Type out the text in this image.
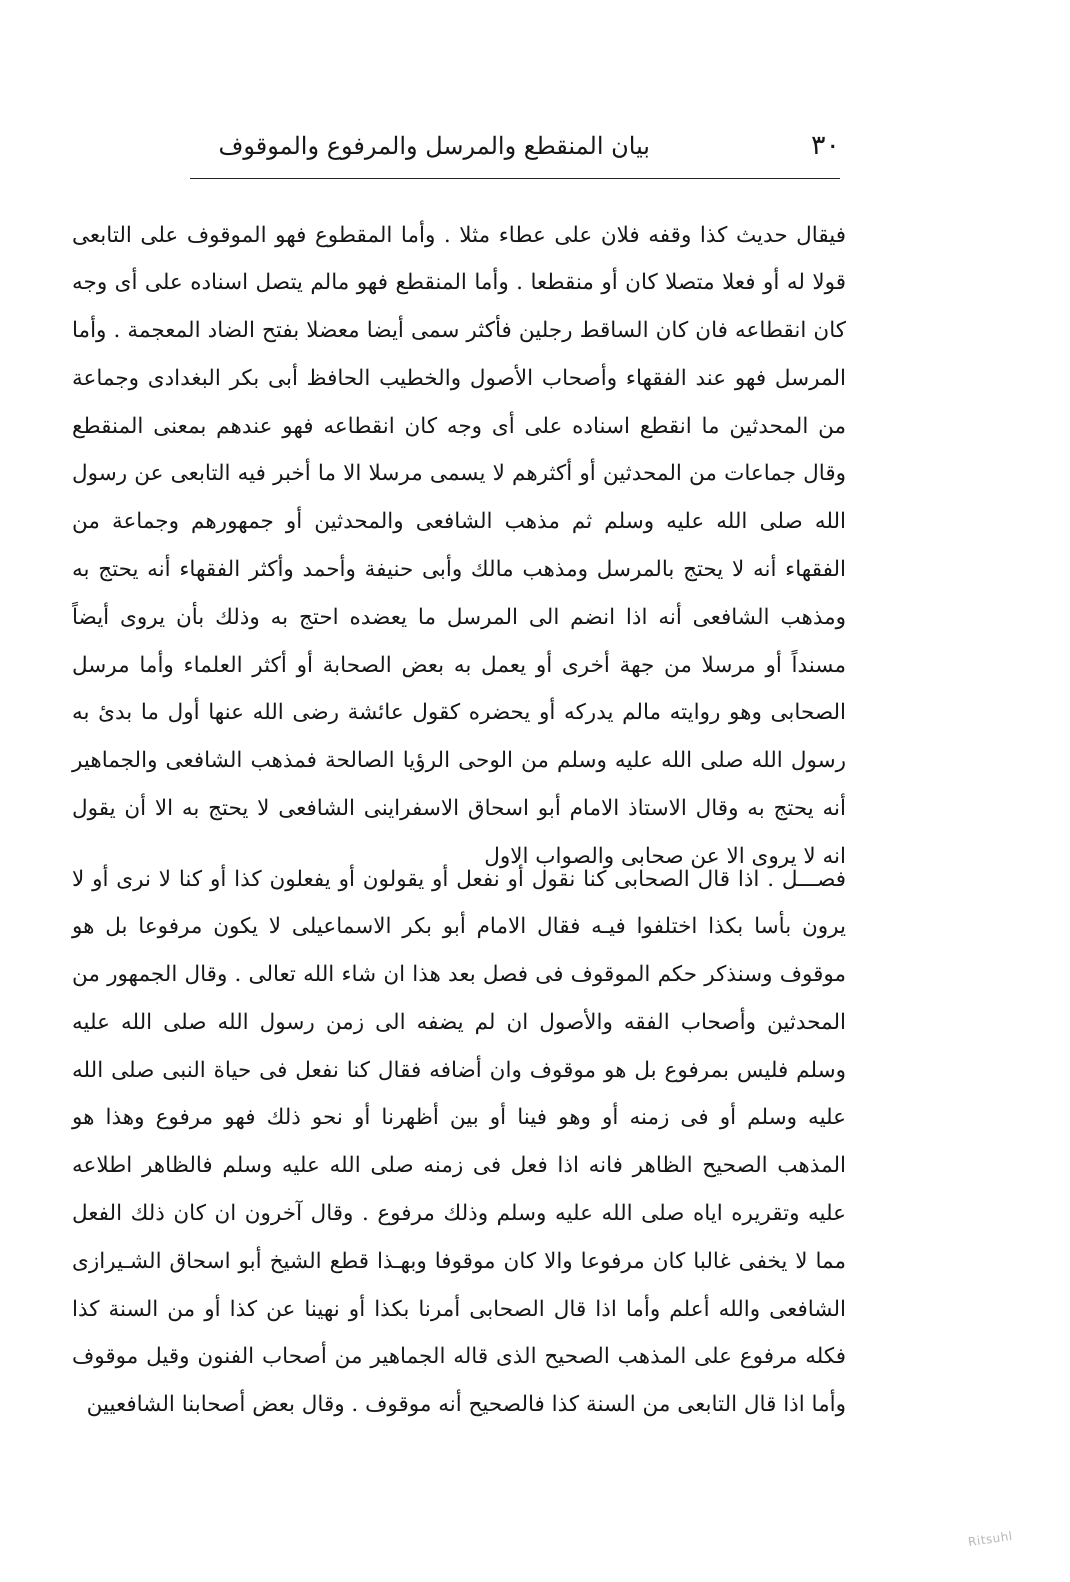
٣٠
بيان المنقطع والمرسل والمرفوع والموقوف

فيقال حديث كذا وقفه فلان على عطاء مثلا . وأما المقطوع فهو الموقوف على التابعى قولا له أو فعلا متصلا كان أو منقطعا . وأما المنقطع فهو مالم يتصل اسناده على أى وجه كان انقطاعه فان كان الساقط رجلين فأكثر سمى أيضا معضلا بفتح الضاد المعجمة . وأما المرسل فهو عند الفقهاء وأصحاب الأصول والخطيب الحافظ أبى بكر البغدادى وجماعة من المحدثين ما انقطع اسناده على أى وجه كان انقطاعه فهو عندهم بمعنى المنقطع وقال جماعات من المحدثين أو أكثرهم لا يسمى مرسلا الا ما أخبر فيه التابعى عن رسول الله صلى الله عليه وسلم ثم مذهب الشافعى والمحدثين أو جمهورهم وجماعة من الفقهاء أنه لا يحتج بالمرسل ومذهب مالك وأبى حنيفة وأحمد وأكثر الفقهاء أنه يحتج به ومذهب الشافعى أنه اذا انضم الى المرسل ما يعضده احتج به وذلك بأن يروى أيضاً مسنداً أو مرسلا من جهة أخرى أو يعمل به بعض الصحابة أو أكثر العلماء وأما مرسل الصحابى وهو روايته مالم يدركه أو يحضره كقول عائشة رضى الله عنها أول ما بدئ به رسول الله صلى الله عليه وسلم من الوحى الرؤيا الصالحة فمذهب الشافعى والجماهير أنه يحتج به وقال الاستاذ الامام أبو اسحاق الاسفراينى الشافعى لا يحتج به الا أن يقول انه لا يروى الا عن صحابى والصواب الاول

فصـــل . اذا قال الصحابى كنا نقول أو نفعل أو يقولون أو يفعلون كذا أو كنا لا نرى أو لا يرون بأسا بكذا اختلفوا فيـه فقال الامام أبو بكر الاسماعيلى لا يكون مرفوعا بل هو موقوف وسنذكر حكم الموقوف فى فصل بعد هذا ان شاء الله تعالى . وقال الجمهور من المحدثين وأصحاب الفقه والأصول ان لم يضفه الى زمن رسول الله صلى الله عليه وسلم فليس بمرفوع بل هو موقوف وان أضافه فقال كنا نفعل فى حياة النبى صلى الله عليه وسلم أو فى زمنه أو وهو فينا أو بين أظهرنا أو نحو ذلك فهو مرفوع وهذا هو المذهب الصحيح الظاهر فانه اذا فعل فى زمنه صلى الله عليه وسلم فالظاهر اطلاعه عليه وتقريره اياه صلى الله عليه وسلم وذلك مرفوع . وقال آخرون ان كان ذلك الفعل مما لا يخفى غالبا كان مرفوعا والا كان موقوفا وبهـذا قطع الشيخ أبو اسحاق الشـيرازى الشافعى والله أعلم وأما اذا قال الصحابى أمرنا بكذا أو نهينا عن كذا أو من السنة كذا فكله مرفوع على المذهب الصحيح الذى قاله الجماهير من أصحاب الفنون وقيل موقوف وأما اذا قال التابعى من السنة كذا فالصحيح أنه موقوف . وقال بعض أصحابنا الشافعيين

Ritsuhl
